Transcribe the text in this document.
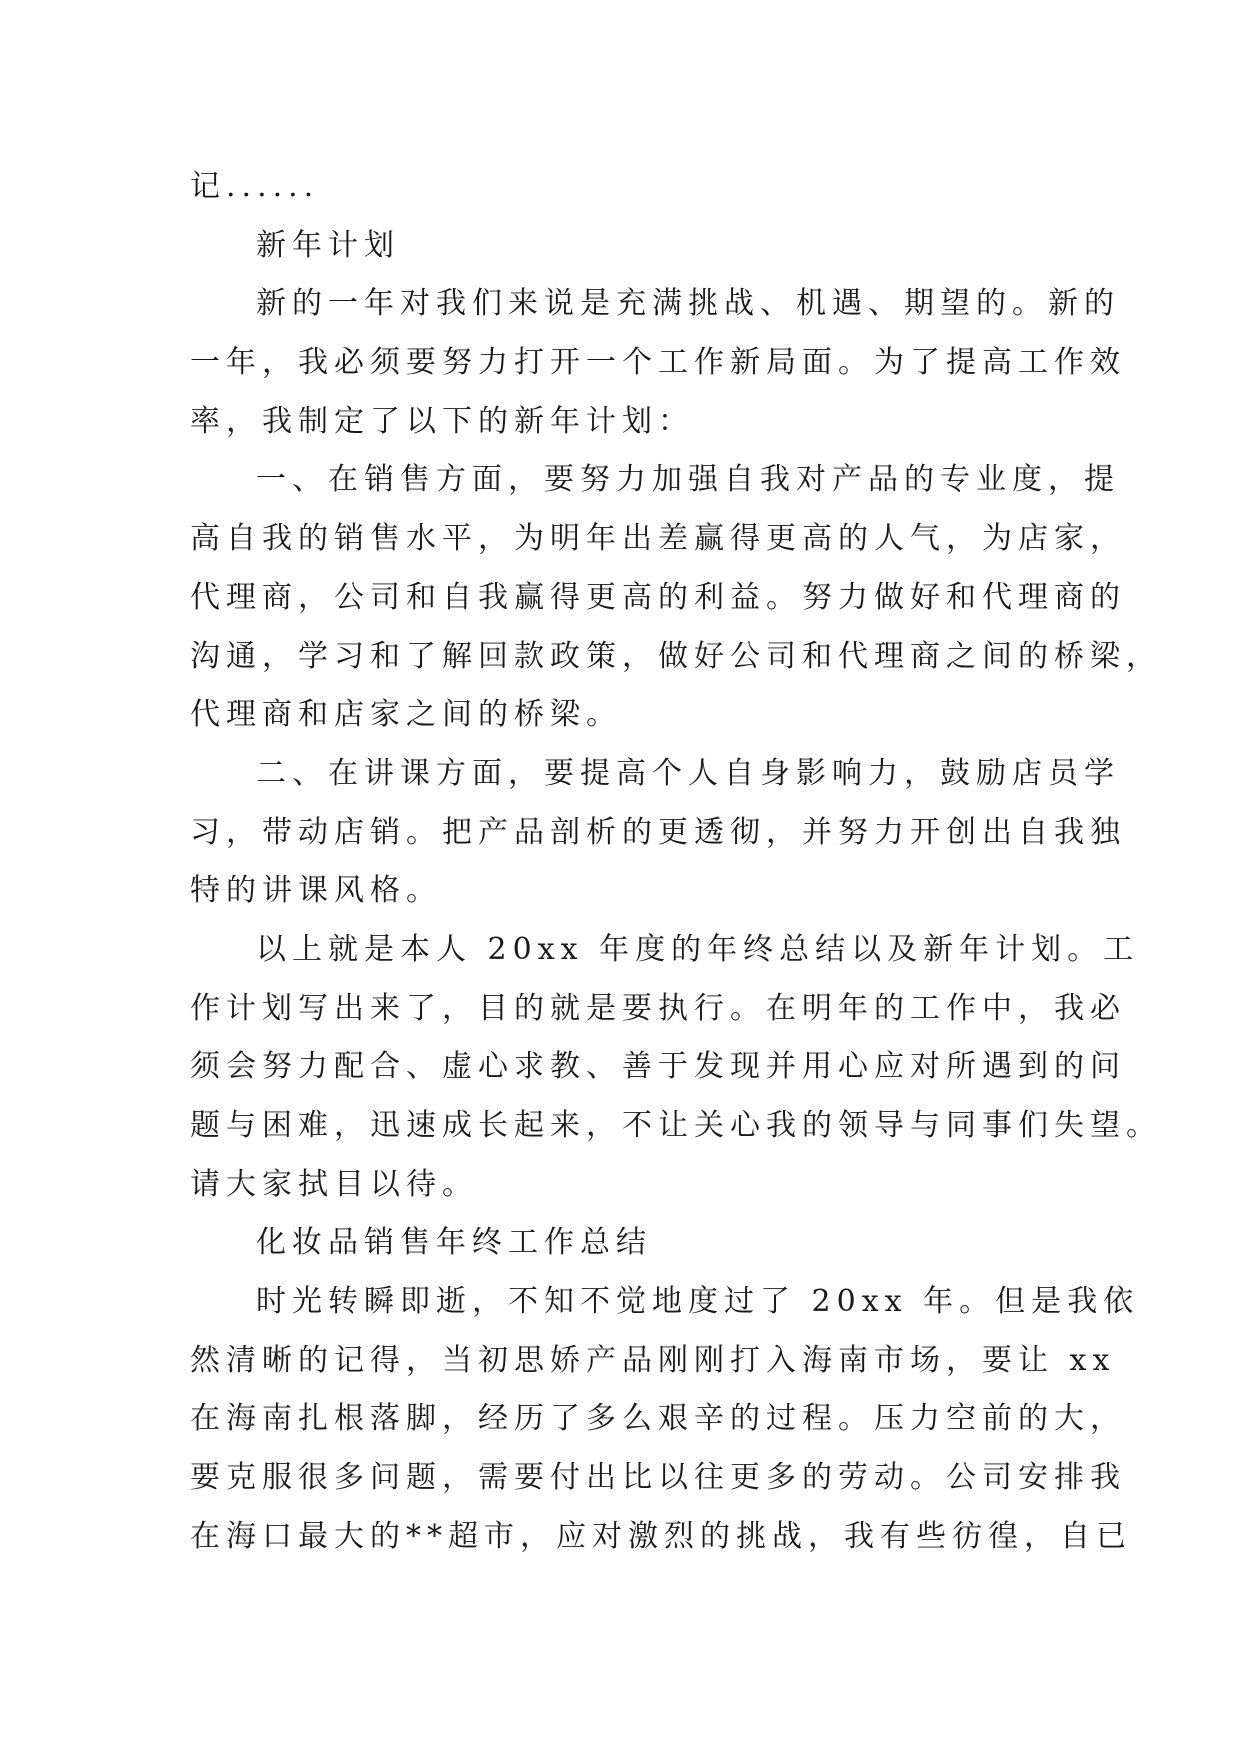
记......
新年计划
新的一年对我们来说是充满挑战、机遇、期望的。新的
一年，我必须要努力打开一个工作新局面。为了提高工作效
率，我制定了以下的新年计划：
一、在销售方面，要努力加强自我对产品的专业度，提
高自我的销售水平，为明年出差赢得更高的人气，为店家，
代理商，公司和自我赢得更高的利益。努力做好和代理商的
沟通，学习和了解回款政策，做好公司和代理商之间的桥梁，
代理商和店家之间的桥梁。
二、在讲课方面，要提高个人自身影响力，鼓励店员学
习，带动店销。把产品剖析的更透彻，并努力开创出自我独
特的讲课风格。
以上就是本人 20xx 年度的年终总结以及新年计划。工
作计划写出来了，目的就是要执行。在明年的工作中，我必
须会努力配合、虚心求教、善于发现并用心应对所遇到的问
题与困难，迅速成长起来，不让关心我的领导与同事们失望。
请大家拭目以待。
化妆品销售年终工作总结
时光转瞬即逝，不知不觉地度过了 20xx 年。但是我依
然清晰的记得，当初思娇产品刚刚打入海南市场，要让 xx
在海南扎根落脚，经历了多么艰辛的过程。压力空前的大，
要克服很多问题，需要付出比以往更多的劳动。公司安排我
在海口最大的**超市，应对激烈的挑战，我有些彷徨，自已
